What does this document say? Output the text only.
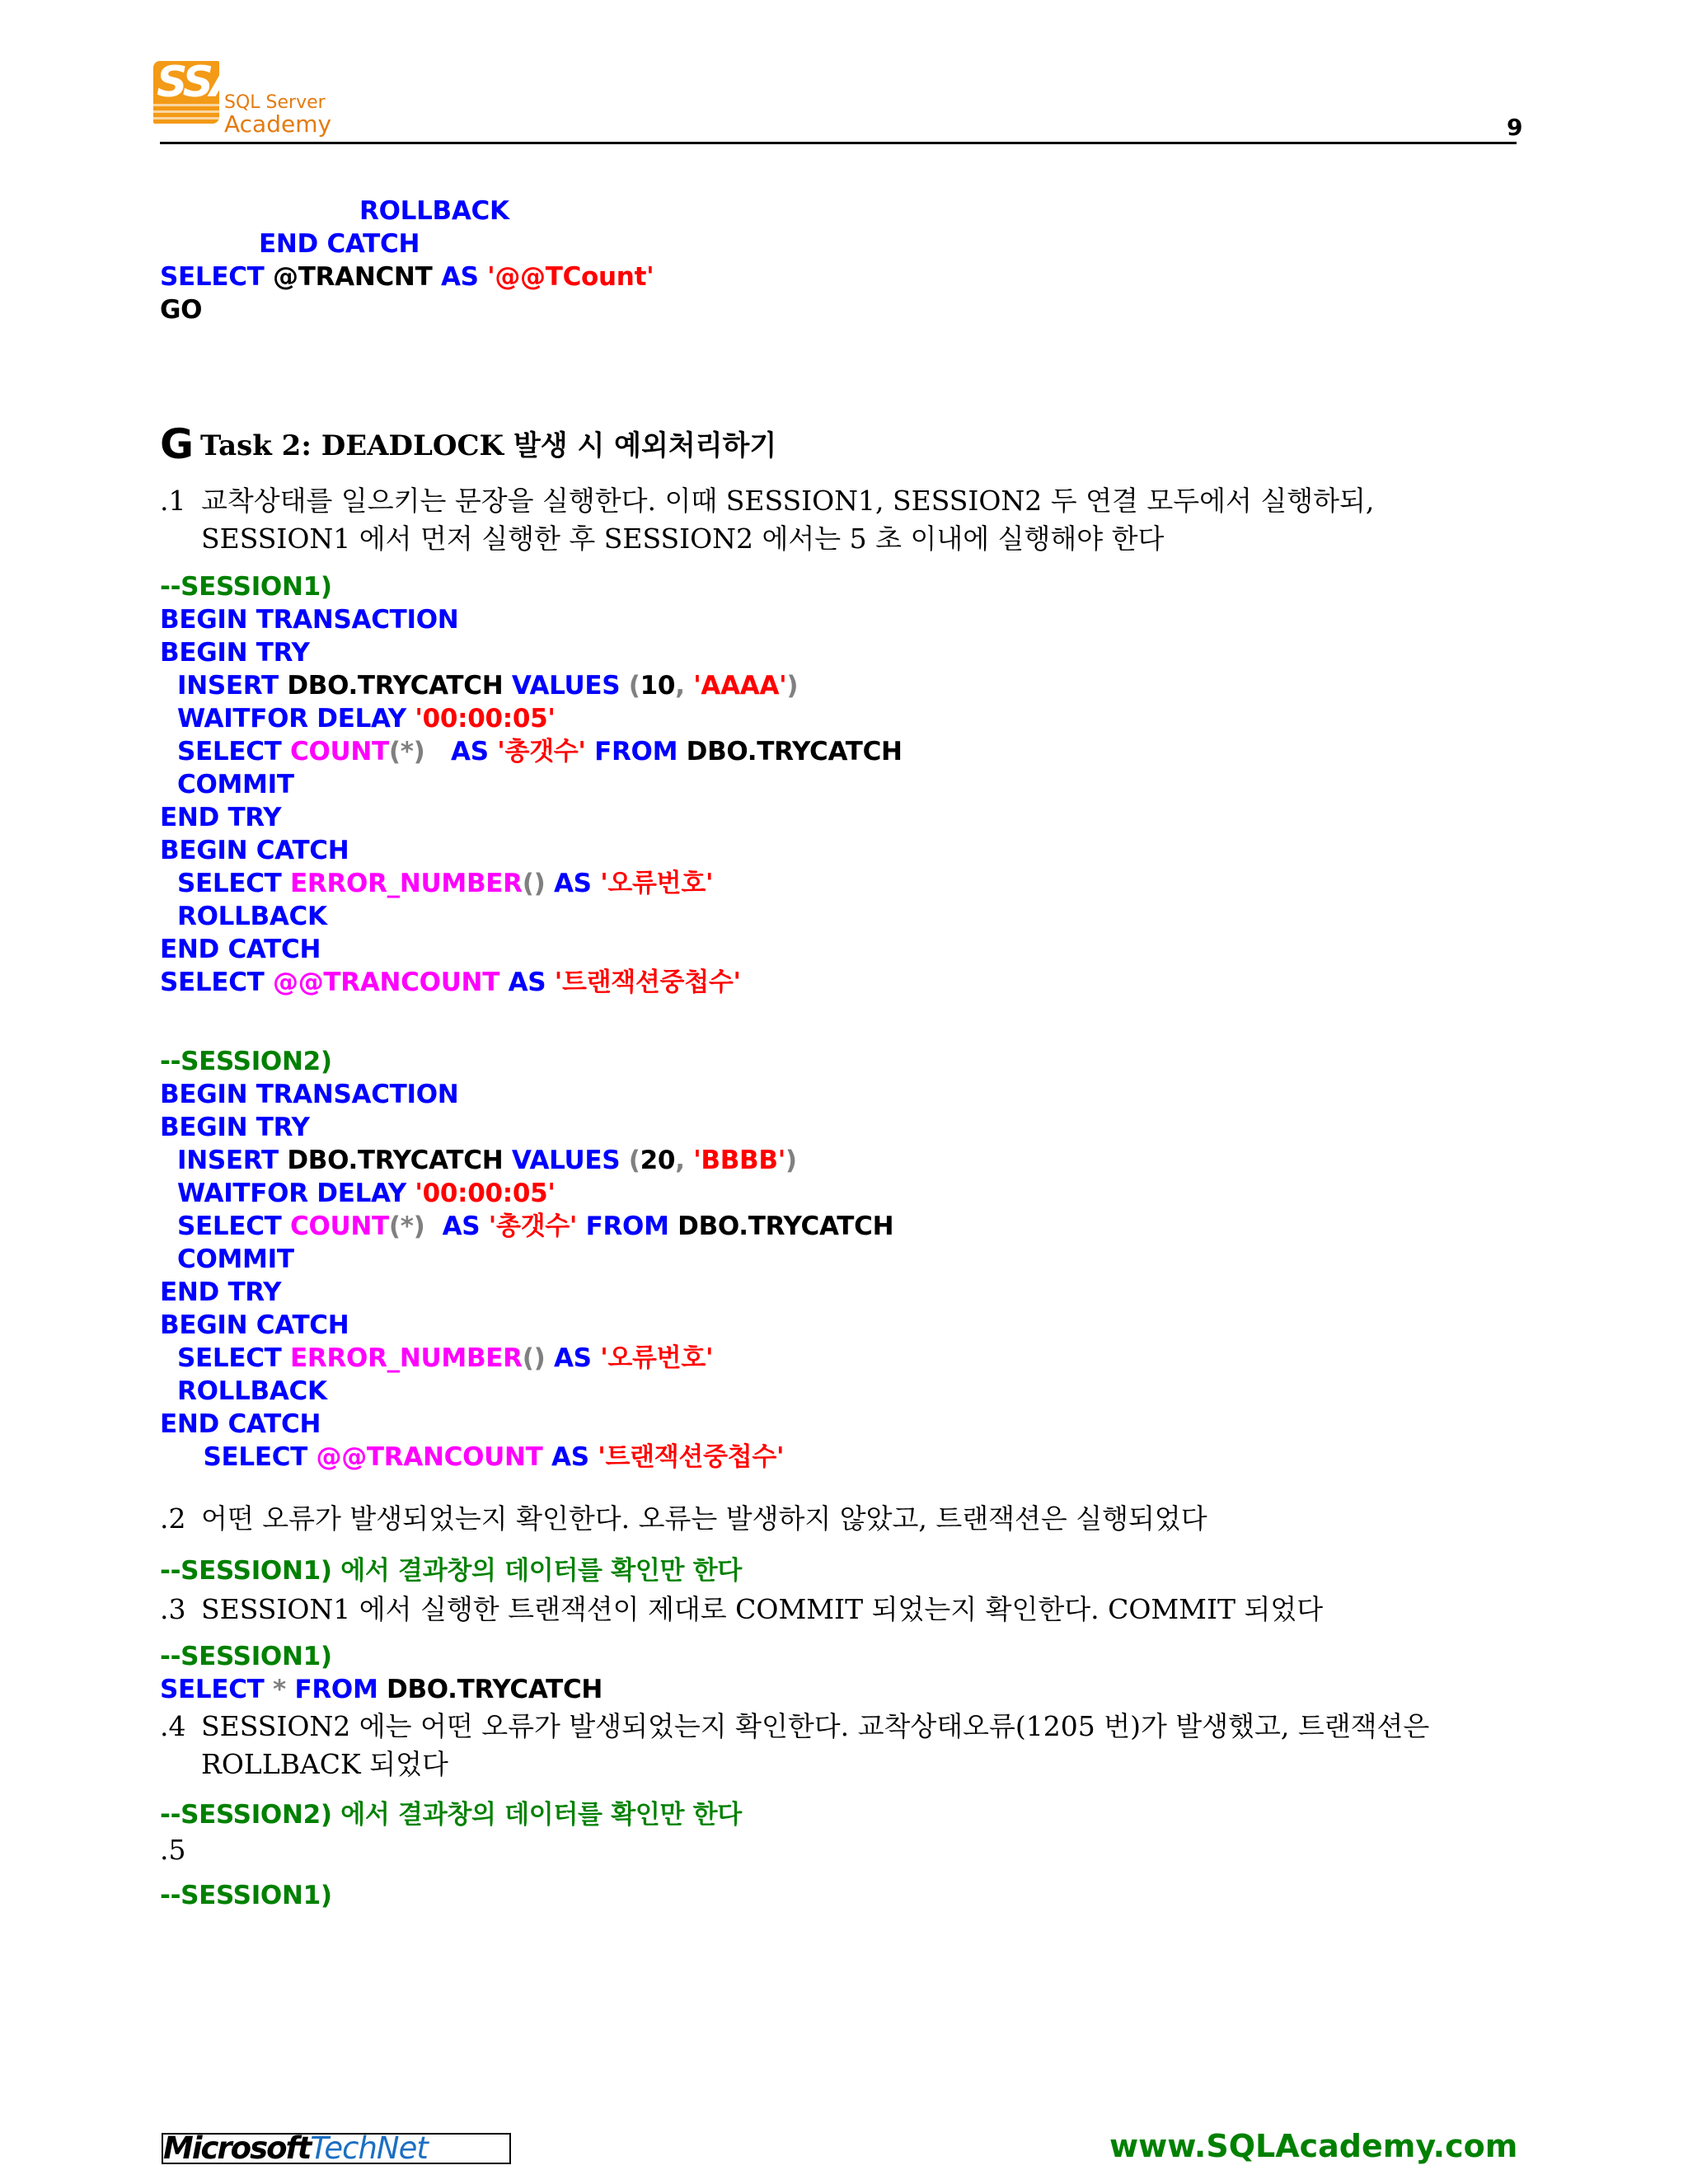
SSA
SQL Server
Academy	9
ROLLBACK
END CATCH
SELECT @TRANCNT AS '@@TCount'
GO
G Task 2: DEADLOCK 발생 시 예외처리하기
.1 교착상태를 일으키는 문장을 실행한다. 이때 SESSION1, SESSION2 두 연결 모두에서 실행하되,
SESSION1 에서 먼저 실행한 후 SESSION2 에서는 5 초 이내에 실행해야 한다
--SESSION1)
BEGIN TRANSACTION
BEGIN TRY
INSERT DBO.TRYCATCH VALUES (10, 'AAAA')
WAITFOR DELAY '00:00:05'
SELECT COUNT(*) AS '총갯수' FROM DBO.TRYCATCH
COMMIT
END TRY
BEGIN CATCH
SELECT ERROR_NUMBER() AS '오류번호'
ROLLBACK
END CATCH
SELECT @@TRANCOUNT AS '트랜잭션중첩수'
--SESSION2)
BEGIN TRANSACTION
BEGIN TRY
INSERT DBO.TRYCATCH VALUES (20, 'BBBB')
WAITFOR DELAY '00:00:05'
SELECT COUNT(*) AS '총갯수' FROM DBO.TRYCATCH
COMMIT
END TRY
BEGIN CATCH
SELECT ERROR_NUMBER() AS '오류번호'
ROLLBACK
END CATCH
SELECT @@TRANCOUNT AS '트랜잭션중첩수'
.2 어떤 오류가 발생되었는지 확인한다. 오류는 발생하지 않았고, 트랜잭션은 실행되었다
--SESSION1) 에서 결과창의 데이터를 확인만 한다
.3 SESSION1 에서 실행한 트랜잭션이 제대로 COMMIT 되었는지 확인한다. COMMIT 되었다
--SESSION1)
SELECT * FROM DBO.TRYCATCH
.4 SESSION2 에는 어떤 오류가 발생되었는지 확인한다. 교착상태오류(1205 번)가 발생했고, 트랜잭션은
ROLLBACK 되었다
--SESSION2) 에서 결과창의 데이터를 확인만 한다
.5
--SESSION1)
MicrosoftTechNet	www.SQLAcademy.com
